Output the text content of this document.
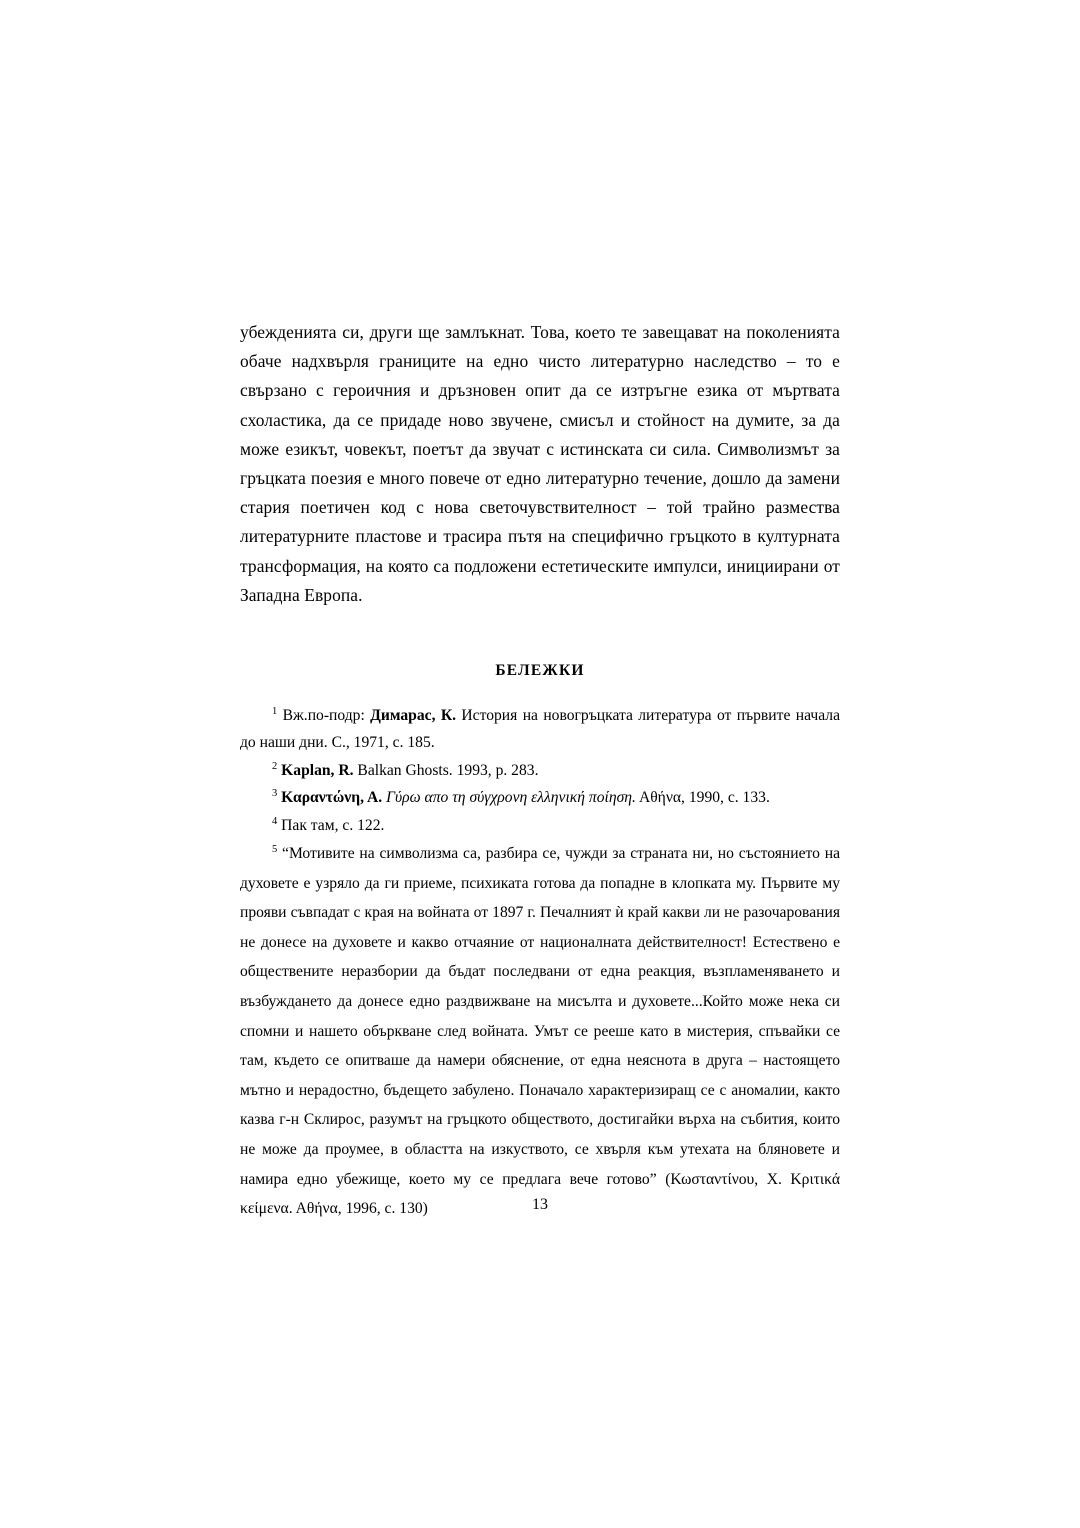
убежденията си, други ще замлъкнат. Това, което те завещават на поколенията обаче надхвърля границите на едно чисто литературно наследство – то е свързано с героичния и дръзновен опит да се изтръгне езика от мъртвата схоластика, да се придаде ново звучене, смисъл и стойност на думите, за да може езикът, човекът, поетът да звучат с истинската си сила. Символизмът за гръцката поезия е много повече от едно литературно течение, дошло да замени стария поетичен код с нова светочувствителност – той трайно размества литературните пластове и трасира пътя на специфично гръцкото в културната трансформация, на която са подложени естетическите импулси, инициирани от Западна Европа.

БЕЛЕЖКИ

$^1$ Вж.по-подр: Димарас, К. История на новогръцката литература от първите начала до наши дни. С., 1971, с. 185.

$^2$ Kaplan, R. Balkan Ghosts. 1993, p. 283.

$^3$ Καραντώνη, Α. Γύρω απο τη σύγχρονη ελληνική ποίηση. Αθήνα, 1990, с. 133.

$^4$ Пак там, с. 122.

$^5$ “Мотивите на символизма са, разбира се, чужди за страната ни, но състоянието на духовете е узряло да ги приеме, психиката готова да попадне в клопката му. Първите му прояви съвпадат с края на войната от 1897 г. Печалният ѝ край какви ли не разочарования не донесе на духовете и какво отчаяние от националната действителност! Естествено е обществените неразбории да бъдат последвани от една реакция, възпламеняването и възбуждането да донесе едно раздвижване на мисълта и духовете...Който може нека си спомни и нашето объркване след войната. Умът се рееше като в мистерия, спъвайки се там, където се опитваше да намери обяснение, от една неяснота в друга – настоящето мътно и нерадостно, бъдещето забулено. Поначало характеризиращ се с аномалии, както казва г-н Склирос, разумът на гръцкото обществото, достигайки върха на събития, които не може да проумее, в областта на изкуството, се хвърля към утехата на бляновете и намира едно убежище, което му се предлага вече готово” (Κωσταντίνου, Χ. Κριτικά κείμενα. Αθήνα, 1996, с. 130)	13
